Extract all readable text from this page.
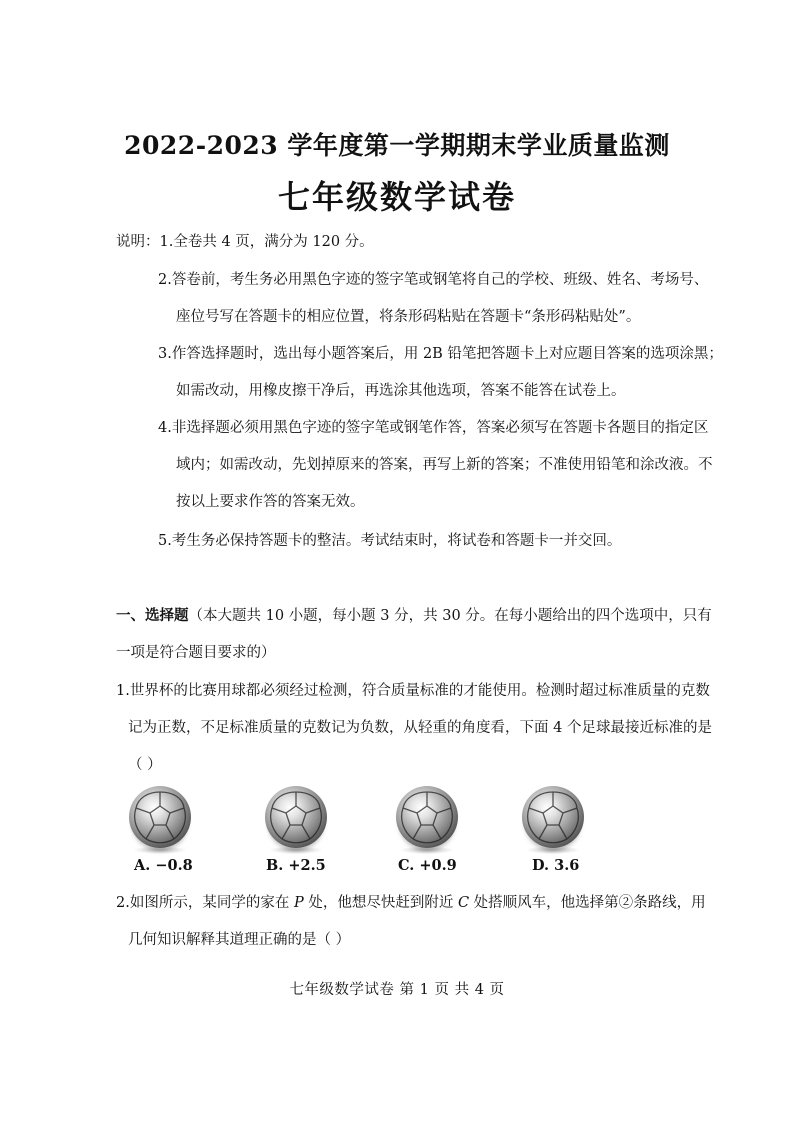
2022-2023 学年度第一学期期末学业质量监测
七年级数学试卷
说明：1.全卷共 4 页，满分为 120 分。
2.答卷前，考生务必用黑色字迹的签字笔或钢笔将自己的学校、班级、姓名、考场号、
座位号写在答题卡的相应位置，将条形码粘贴在答题卡“条形码粘贴处”。
3.作答选择题时，选出每小题答案后，用 2B 铅笔把答题卡上对应题目答案的选项涂黑；
如需改动，用橡皮擦干净后，再选涂其他选项，答案不能答在试卷上。
4.非选择题必须用黑色字迹的签字笔或钢笔作答，答案必须写在答题卡各题目的指定区
域内；如需改动，先划掉原来的答案，再写上新的答案；不准使用铅笔和涂改液。不
按以上要求作答的答案无效。
5.考生务必保持答题卡的整洁。考试结束时，将试卷和答题卡一并交回。
一、选择题（本大题共 10 小题，每小题 3 分，共 30 分。在每小题给出的四个选项中，只有
一项是符合题目要求的）
1.世界杯的比赛用球都必须经过检测，符合质量标准的才能使用。检测时超过标准质量的克数
记为正数，不足标准质量的克数记为负数，从轻重的角度看，下面 4 个足球最接近标准的是
（ ）
A. −0.8	B. +2.5	C. +0.9	D. 3.6
2.如图所示，某同学的家在 P 处，他想尽快赶到附近 C 处搭顺风车，他选择第②条路线，用
几何知识解释其道理正确的是（ ）
七年级数学试卷 第 1 页 共 4 页
